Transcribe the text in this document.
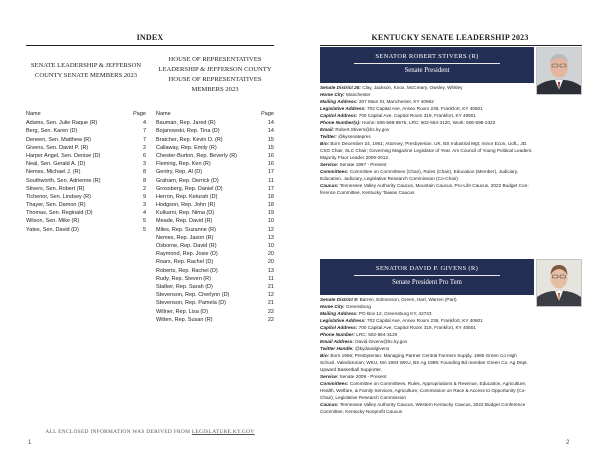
INDEX
SENATE LEADERSHIP & JEFFERSON
COUNTY SENATE MEMBERS 2023
HOUSE OF REPRESENTATIVES
LEADERSHIP & JEFFERSON COUNTY
HOUSE OF REPRESENTATIVES
MEMBERS 2023
Name	Page
Adams, Sen. Julie Raque (R)	4
Berg, Sen. Karen (D)	7
Deneen, Sen. Matthew (R)	7
Givens, Sen. David P. (R)	2
Harper Angel, Sen. Denise (D)	6
Neal, Sen. Gerald A. (D)	3
Nemes, Michael J. (R)	8
Southworth, Sen. Adrienne (R)	8
Stivers, Sen. Robert (R)	2
Tichenor, Sen. Lindsey (R)	9
Thayer, Sen. Damon (R)	3
Thomas, Sen. Reginald (D)	4
Wilson, Sen. Mike (R)	5
Yates, Sen. David (D)	5
Name	Page
Bauman, Rep. Jared (R)	14
Bojanowski, Rep. Tina (D)	14
Bratcher, Rep. Kevin D. (R)	15
Callaway, Rep. Emily (R)	15
Chester-Burton, Rep. Beverly (R)	16
Fleming, Rep. Ken (R)	16
Gentry, Rep. Al (D)	17
Graham, Rep. Derrick (D)	11
Grossberg, Rep. Daniel (D)	17
Herron, Rep. Keturah (D)	18
Hodgson, Rep. John (R)	18
Kulkarni, Rep. Nima (D)	19
Meade, Rep. David (R)	10
Miles, Rep. Suzanne (R)	12
Nemes, Rep. Jason (R)	13
Osborne, Rep. David (R)	10
Raymond, Rep. Josie (D)	20
Roarx, Rep. Rachel (D)	20
Roberts, Rep. Rachel (D)	13
Rudy, Rep. Steven (R)	11
Stalker, Rep. Sarah (D)	21
Stevenson, Rep. Cherlynn (D)	12
Stevenson, Rep. Pamela (D)	21
Willner, Rep. Lisa (D)	22
Witten, Rep. Susan (R)	22
ALL ENCLOSED INFORMATION WAS DERIVED FROM LEGISLATURE.KY.GOV
1
KENTUCKY SENATE LEADERSHIP 2023
SENATOR ROBERT STIVERS (R)
Senate President
Senate District 25: Clay, Jackson, Knox, McCreary, Owsley, Whitley
Home City: Manchester
Mailing Address: 207 Main St, Manchester, KY 40962
Legislative Address: 702 Capital Ave, Annex Room 236, Frankfort, KY 40601
Capitol Address: 700 Capital Ave, Capitol Room 319, Frankfort, KY 40601
Phone Number(s): Home: 606-598-8575, LRC: 502-564-3120, Work: 606-598-2322
Email: Robert.Stivers@lrc.ky.gov
Twitter: @kysenatepres
Bio: Born December 24, 1961; Attorney; Presbyterian. UK, BS Industrial Mgt; minor Econ, UofL, JD.
CSG Chair, SLC Chair; Governing Magazine Legislator of Year. Am Council of Young Political Leaders.
Majority Floor Leader 2009-2012.
Service: Senate 1997 - Present
Committees: Committee on Committees (Chair), Rules (Chair), Education (Member), Judiciary,
Education, Judiciary, Legislative Research Commission (Co-Chair)
Caucus: Tennessee Valley Authority Caucus, Mountain Caucus, Pro-Life Caucus, 2022 Budget Con-
ference Committee, Kentucky Taiwan Caucus
SENATOR DAVID P. GIVENS (R)
Senate President Pro Tem
Senate District 9: Barren, Edmonson, Green, Hart, Warren (Part)
Home City: Greensburg
Mailing Address: PO Box 12, Greensburg KY, 42743
Legislative Address: 702 Capital Ave, Annex Room 236, Frankfort, KY 40601
Capitol Address: 700 Capital Ave, Capitol Room 319, Frankfort, KY 40601
Phone Number: LRC: 502-564-3120
Email Address: David.Givens@lrc.ky.gov
Twitter Handle: @kydavidgivens
Bio: Born 1966; Presbyterian. Managing Partner Central Farmers Supply. 1985 Green Co High
School, Valedictorian; WKU, MA 1993 WKU, BS Ag 1989; Founding Bd member Green Co. Ag Dept.
Upward Basketball Supporter.
Service: Senate 2009 - Present
Committees: Committee on Committees, Rules, Appropriations & Revenue, Education, Agriculture,
Health, Welfare, & Family Services, Agriculture, Commission on Race & Access to Opportunity (Co-
Chair), Legislative Research Commission
Caucus: Tennessee Valley Authority Caucus, Western Kentucky Caucus, 2022 Budget Conference
Committee, Kentucky Nonprofit Caucus
2
